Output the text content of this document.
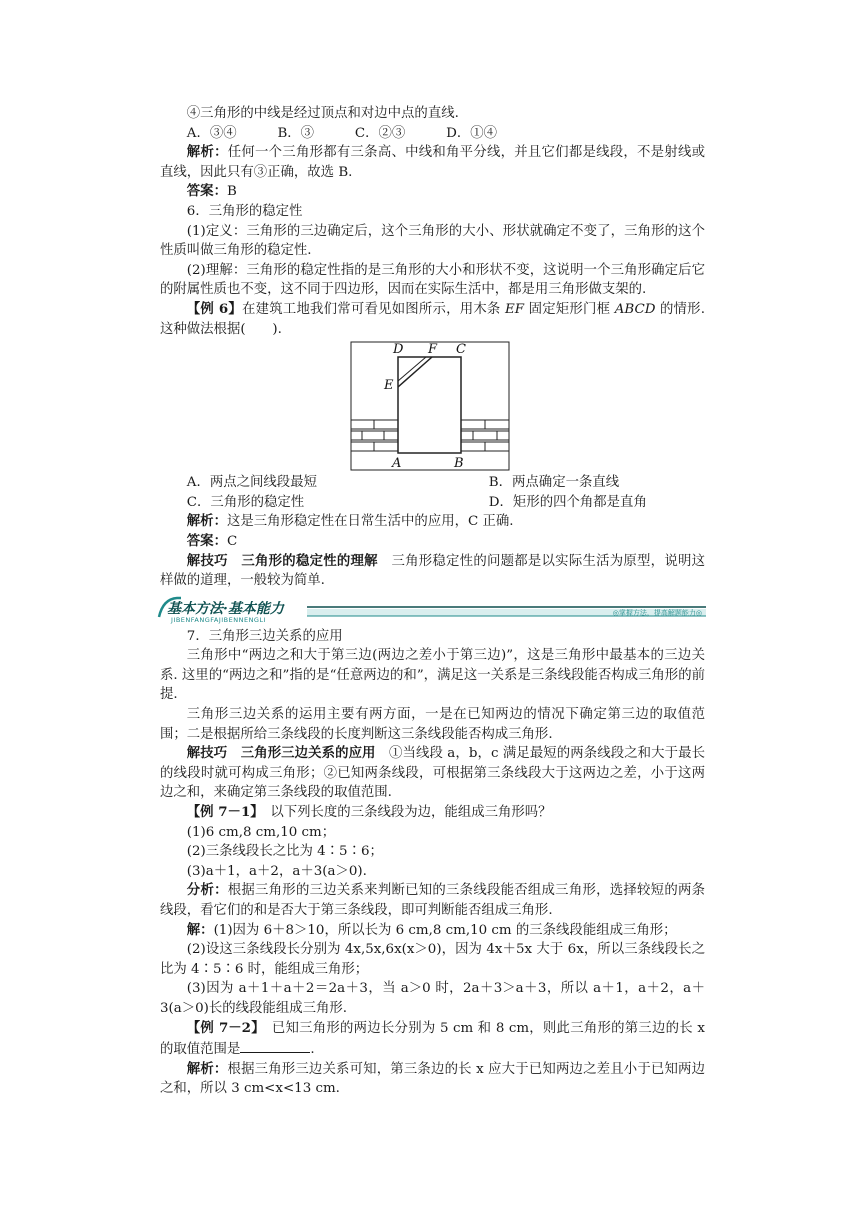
④三角形的中线是经过顶点和对边中点的直线.

A．③④	B．③	C．②③	D．①④

解析：任何一个三角形都有三条高、中线和角平分线，并且它们都是线段，不是射线或直线，因此只有③正确，故选 B.

答案：B

6．三角形的稳定性

(1)定义：三角形的三边确定后，这个三角形的大小、形状就确定不变了，三角形的这个性质叫做三角形的稳定性.

(2)理解：三角形的稳定性指的是三角形的大小和形状不变，这说明一个三角形确定后它的附属性质也不变，这不同于四边形，因而在实际生活中，都是用三角形做支架的.

【例 6】在建筑工地我们常可看见如图所示，用木条 EF 固定矩形门框 ABCD 的情形. 这种做法根据(　　).

D F C
E
A	B
A．两点之间线段最短	B．两点确定一条直线
C．三角形的稳定性	D．矩形的四个角都是直角

解析：这是三角形稳定性在日常生活中的应用，C 正确.

答案：C

解技巧　三角形的稳定性的理解　三角形稳定性的问题都是以实际生活为原型，说明这样做的道理，一般较为简单.

基本方法·基本能力
JIBENFANGFAJIBENNENGLI
◎掌握方法，提高解题能力◎

7．三角形三边关系的应用

三角形中“两边之和大于第三边(两边之差小于第三边)”，这是三角形中最基本的三边关系. 这里的“两边之和”指的是“任意两边的和”，满足这一关系是三条线段能否构成三角形的前提.

三角形三边关系的运用主要有两方面，一是在已知两边的情况下确定第三边的取值范围；二是根据所给三条线段的长度判断这三条线段能否构成三角形.

解技巧　三角形三边关系的应用　①当线段 a，b，c 满足最短的两条线段之和大于最长的线段时就可构成三角形；②已知两条线段，可根据第三条线段大于这两边之差，小于这两边之和，来确定第三条线段的取值范围.

【例 7－1】　以下列长度的三条线段为边，能组成三角形吗？

(1)6 cm,8 cm,10 cm；

(2)三条线段长之比为 4∶5∶6；

(3)a＋1，a＋2，a＋3(a＞0).

分析：根据三角形的三边关系来判断已知的三条线段能否组成三角形，选择较短的两条线段，看它们的和是否大于第三条线段，即可判断能否组成三角形.

解：(1)因为 6＋8＞10，所以长为 6 cm,8 cm,10 cm 的三条线段能组成三角形；

(2)设这三条线段长分别为 4x,5x,6x(x＞0)，因为 4x＋5x 大于 6x，所以三条线段长之比为 4∶5∶6 时，能组成三角形；

(3)因为 a＋1＋a＋2＝2a＋3，当 a＞0 时，2a＋3＞a＋3，所以 a＋1，a＋2，a＋3(a＞0)长的线段能组成三角形.

【例 7－2】　已知三角形的两边长分别为 5 cm 和 8 cm，则此三角形的第三边的长 x 的取值范围是	.

解析：根据三角形三边关系可知，第三条边的长 x 应大于已知两边之差且小于已知两边之和，所以 3 cm<x<13 cm.
